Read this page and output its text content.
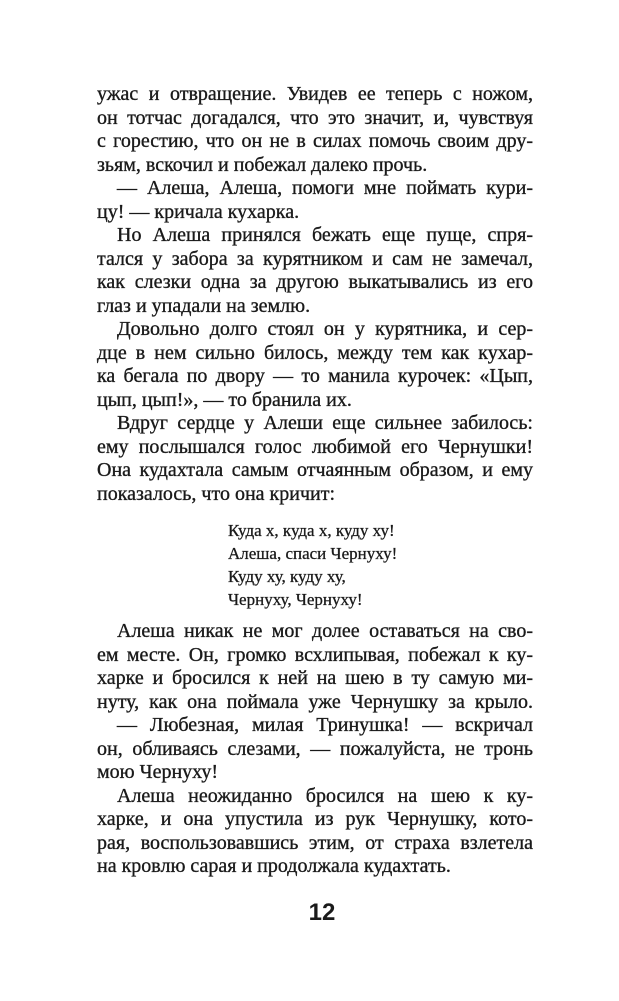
ужас и отвращение. Увидев ее теперь с ножом,
он тотчас догадался, что это значит, и, чувствуя
с горестию, что он не в силах помочь своим дру-
зьям, вскочил и побежал далеко прочь.
— Алеша, Алеша, помоги мне поймать кури-
цу! — кричала кухарка.
Но Алеша принялся бежать еще пуще, спря-
тался у забора за курятником и сам не замечал,
как слезки одна за другою выкатывались из его
глаз и упадали на землю.
Довольно долго стоял он у курятника, и сер-
дце в нем сильно билось, между тем как кухар-
ка бегала по двору — то манила курочек: «Цып,
цып, цып!», — то бранила их.
Вдруг сердце у Алеши еще сильнее забилось:
ему послышался голос любимой его Чернушки!
Она кудахтала самым отчаянным образом, и ему
показалось, что она кричит:
Куда х, куда х, куду ху!
Алеша, спаси Чернуху!
Куду ху, куду ху,
Чернуху, Чернуху!
Алеша никак не мог долее оставаться на сво-
ем месте. Он, громко всхлипывая, побежал к ку-
харке и бросился к ней на шею в ту самую ми-
нуту, как она поймала уже Чернушку за крыло.
— Любезная, милая Тринушка! — вскричал
он, обливаясь слезами, — пожалуйста, не тронь
мою Чернуху!
Алеша неожиданно бросился на шею к ку-
харке, и она упустила из рук Чернушку, кото-
рая, воспользовавшись этим, от страха взлетела
на кровлю сарая и продолжала кудахтать.
12
